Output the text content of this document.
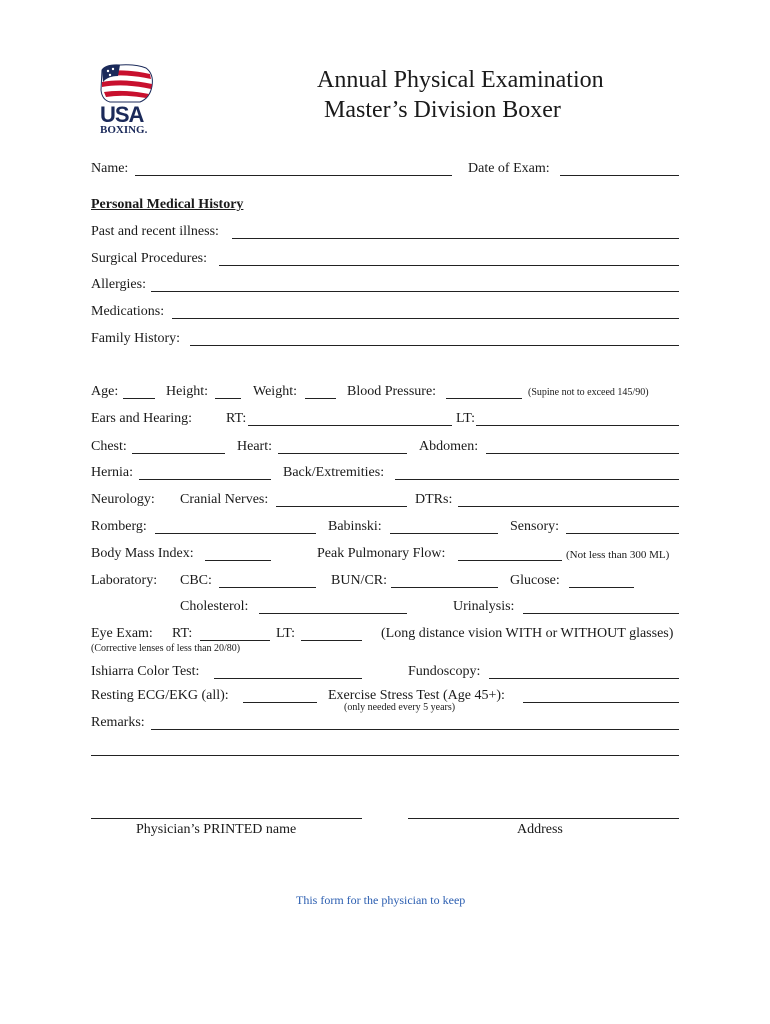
USA
BOXING.
Annual Physical Examination
Master’s Division Boxer
Name:	Date of Exam:
Personal Medical History
Past and recent illness:
Surgical Procedures:
Allergies:
Medications:
Family History:
Age:	Height:	Weight:	Blood Pressure:	(Supine not to exceed 145/90)
Ears and Hearing: RT:	LT:
Chest:	Heart:	Abdomen:
Hernia:	Back/Extremities:
Neurology: Cranial Nerves:	DTRs:
Romberg:	Babinski:	Sensory:
Body Mass Index:	Peak Pulmonary Flow:	(Not less than 300 ML)
Laboratory: CBC:	BUN/CR:	Glucose:
Cholesterol:	Urinalysis:
Eye Exam: RT:	LT:	(Long distance vision WITH or WITHOUT glasses)
(Corrective lenses of less than 20/80)
Ishiarra Color Test:	Fundoscopy:
Resting ECG/EKG (all):	Exercise Stress Test (Age 45+):
(only needed every 5 years)
Remarks:
Physician’s PRINTED name	Address
This form for the physician to keep
